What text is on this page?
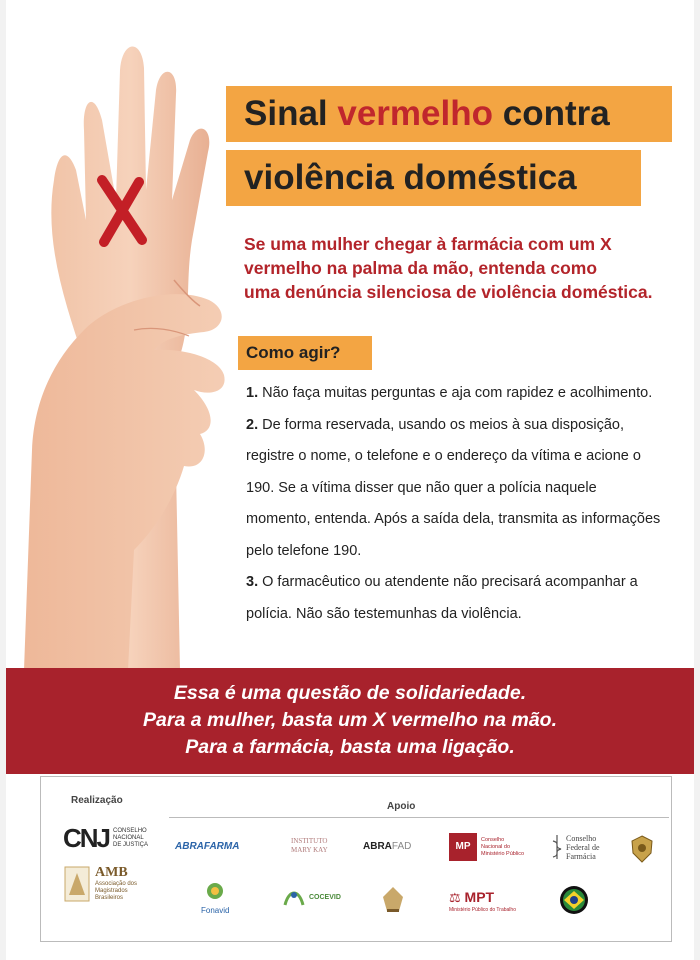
Sinal vermelho contra
violência doméstica
Se uma mulher chegar à farmácia com um X
vermelho na palma da mão, entenda como
uma denúncia silenciosa de violência doméstica.
Como agir?

1. Não faça muitas perguntas e aja com rapidez e acolhimento.

2. De forma reservada, usando os meios à sua disposição,

registre o nome, o telefone e o endereço da vítima e acione o

190. Se a vítima disser que não quer a polícia naquele

momento, entenda. Após a saída dela, transmita as informações

pelo telefone 190.

3. O farmacêutico ou atendente não precisará acompanhar a

polícia. Não são testemunhas da violência.

Essa é uma questão de solidariedade.
Para a mulher, basta um X vermelho na mão.
Para a farmácia, basta uma ligação.
Realização
Apoio
CNJ CONSELHO
NACIONAL
DE JUSTIÇA
AMB
Associação dos
Magistrados
Brasileiros
ABRAFARMA	INSTITUTO
MARY KAY	ABRAFAD	MP
Conselho
Nacional do
Ministério Público
Conselho
Federal de
Farmácia
Fonavid
COCEVID	⚖ MPT
Ministério Público do Trabalho
